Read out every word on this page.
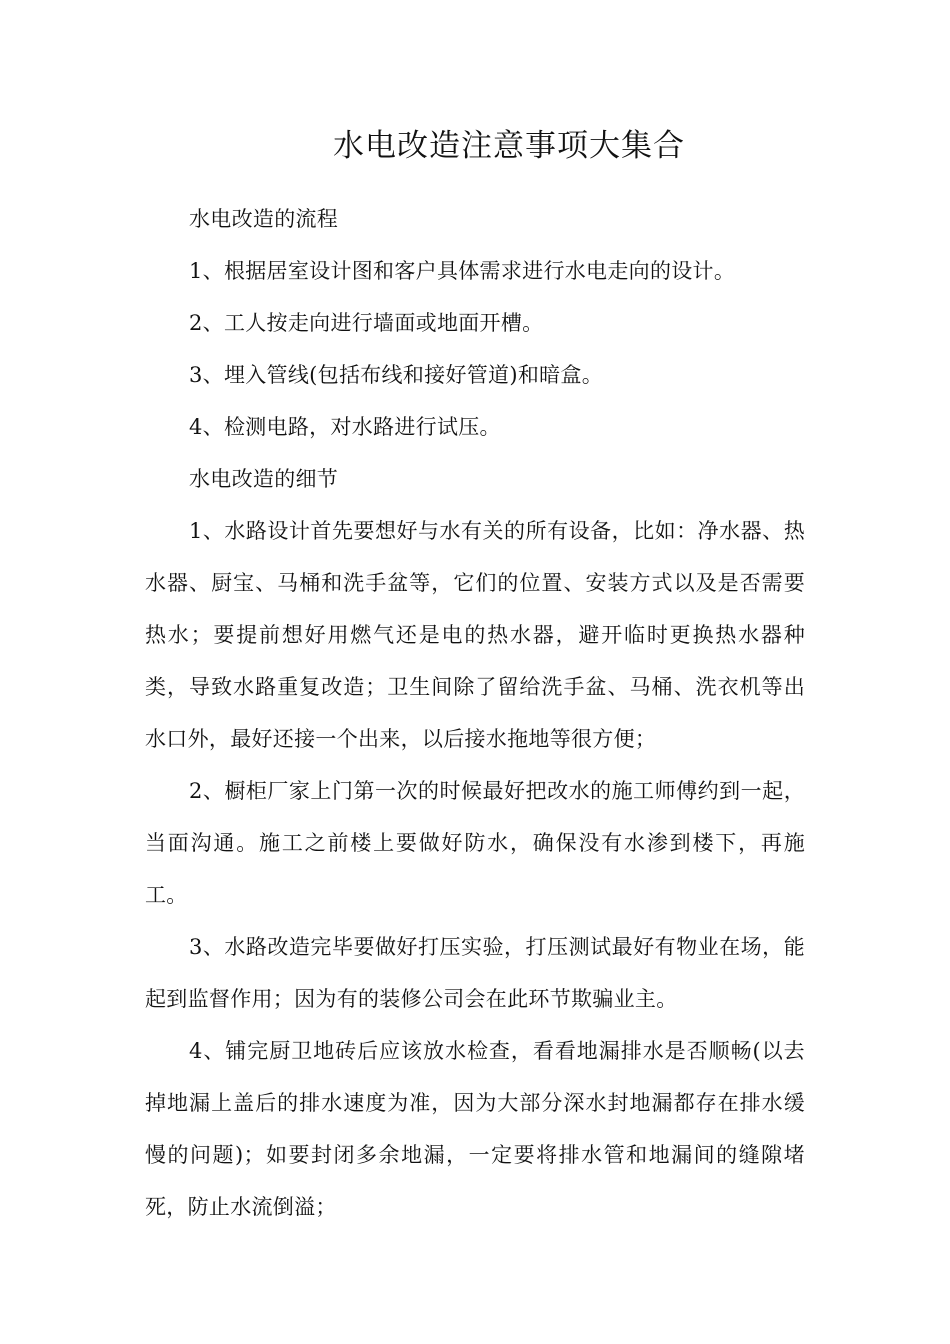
水电改造注意事项大集合

水电改造的流程

1、根据居室设计图和客户具体需求进行水电走向的设计。

2、工人按走向进行墙面或地面开槽。

3、埋入管线(包括布线和接好管道)和暗盒。

4、检测电路，对水路进行试压。

水电改造的细节

1、水路设计首先要想好与水有关的所有设备，比如：净水器、热水器、厨宝、马桶和洗手盆等，它们的位置、安装方式以及是否需要热水；要提前想好用燃气还是电的热水器，避开临时更换热水器种类，导致水路重复改造；卫生间除了留给洗手盆、马桶、洗衣机等出水口外，最好还接一个出来，以后接水拖地等很方便；

2、橱柜厂家上门第一次的时候最好把改水的施工师傅约到一起，当面沟通。施工之前楼上要做好防水，确保没有水渗到楼下，再施工。

3、水路改造完毕要做好打压实验，打压测试最好有物业在场，能起到监督作用；因为有的装修公司会在此环节欺骗业主。

4、铺完厨卫地砖后应该放水检查，看看地漏排水是否顺畅(以去掉地漏上盖后的排水速度为准，因为大部分深水封地漏都存在排水缓慢的问题)；如要封闭多余地漏，一定要将排水管和地漏间的缝隙堵死，防止水流倒溢；
